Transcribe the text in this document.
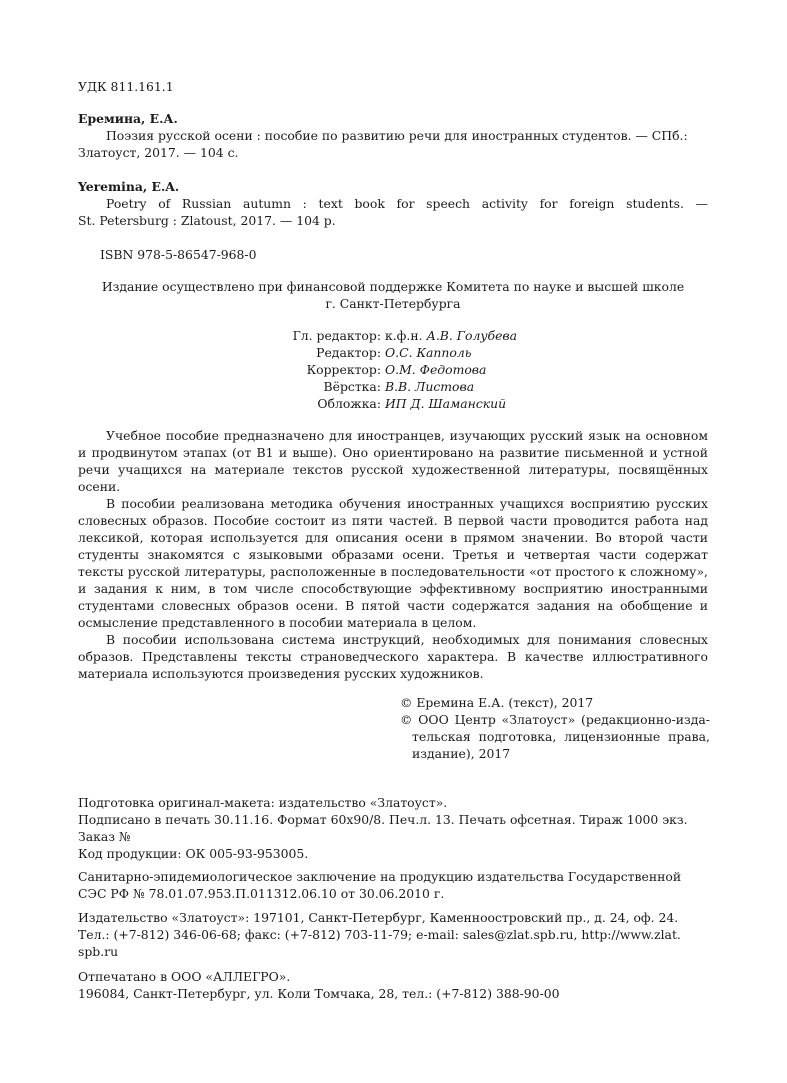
УДК 811.161.1
Еремина, Е.А.
Поэзия русской осени : пособие по развитию речи для иностранных студентов. — СПб.:
Златоуст, 2017. — 104 с.
Yeremina, E.A.
Poetry of Russian autumn : text book for speech activity for foreign students. —
St. Petersburg : Zlatoust, 2017. — 104 p.
ISBN 978-5-86547-968-0
Издание осуществлено при финансовой поддержке Комитета по науке и высшей школе
г. Санкт-Петербурга
Гл. редактор: к.ф.н.
А.В. Голубева
Редактор: О.С. Капполь
Корректор: О.М. Федотова
Вёрстка: В.В. Листова
Обложка: ИП Д. Шаманский

Учебное пособие предназначено для иностранцев, изучающих русский язык на основном и продвинутом этапах (от В1 и выше). Оно ориентировано на развитие письменной и устной речи учащихся на материале текстов русской художественной литературы, посвящённых осени.

В пособии реализована методика обучения иностранных учащихся восприятию русских словесных образов. Пособие состоит из пяти частей. В первой части проводится работа над лексикой, которая используется для описания осени в прямом значении. Во второй части студенты знакомятся с языковыми образами осени. Третья и четвертая части содержат тексты русской литературы, расположенные в последовательности «от простого к сложному», и задания к ним, в том числе способствующие эффективному восприятию иностранными студентами словесных образов осени. В пятой части содержатся задания на обобщение и осмысление представленного в пособии материала в целом.

В пособии использована система инструкций, необходимых для понимания словесных образов. Представлены тексты страноведческого характера. В качестве иллюстративного материала используются произведения русских художников.

© Еремина Е.А. (текст), 2017
© ООО Центр «Златоуст» (редакционно-изда-
тельская подготовка, лицензионные права,
издание), 2017
Подготовка оригинал-макета: издательство «Златоуст».
Подписано в печать 30.11.16. Формат 60х90/8. Печ.л. 13. Печать офсетная. Тираж 1000 экз.
Заказ №
Код продукции: ОК 005-93-953005.
Санитарно-эпидемиологическое заключение на продукцию издательства Государственной
СЭС РФ № 78.01.07.953.П.011312.06.10 от 30.06.2010 г.
Издательство «Златоуст»: 197101, Санкт-Петербург, Каменноостровский пр., д. 24, оф. 24.
Тел.: (+7-812) 346-06-68; факс: (+7-812) 703-11-79; e-mail: sales@zlat.spb.ru, http://www.zlat.
spb.ru
Отпечатано в ООО «АЛЛЕГРО».
196084, Санкт-Петербург, ул. Коли Томчака, 28, тел.: (+7-812) 388-90-00
